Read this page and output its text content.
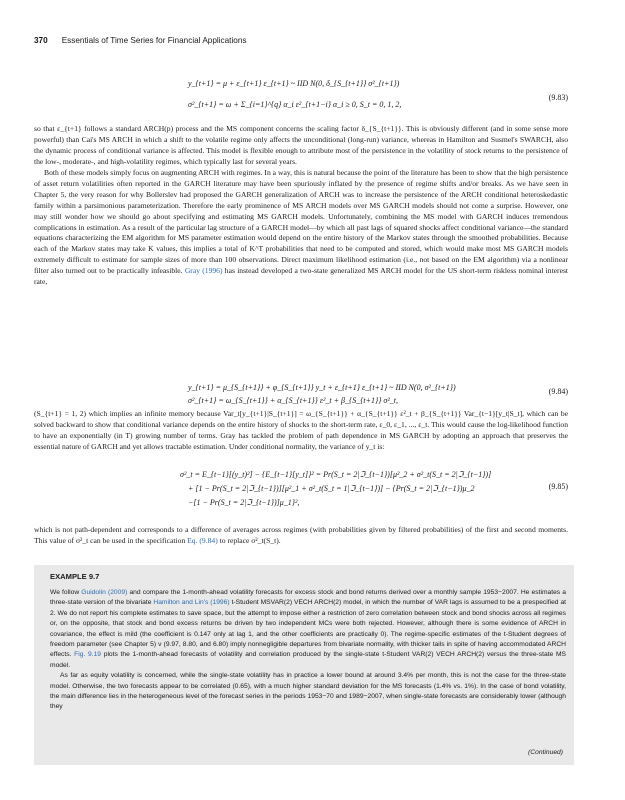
370 Essentials of Time Series for Financial Applications
y_{t+1} = μ + ε_{t+1} ε_{t+1} ~ IID N(0, δ_{S_{t+1}} σ²_{t+1})
σ²_{t+1} = ω + Σ_{i=1}^{q} α_i ε²_{t+1−i} α_i ≥ 0, S_t = 0, 1, 2,
(9.83)

so that ε_{t+1} follows a standard ARCH(p) process and the MS component concerns the scaling factor δ_{S_{t+1}}. This is obviously different (and in some sense more powerful) than Cai's MS ARCH in which a shift to the volatile regime only affects the unconditional (long-run) variance, whereas in Hamilton and Susmel's SWARCH, also the dynamic process of conditional variance is affected. This model is flexible enough to attribute most of the persistence in the volatility of stock returns to the persistence of the low-, moderate-, and high-volatility regimes, which typically last for several years.

Both of these models simply focus on augmenting ARCH with regimes. In a way, this is natural because the point of the literature has been to show that the high persistence of asset return volatilities often reported in the GARCH literature may have been spuriously inflated by the presence of regime shifts and/or breaks. As we have seen in Chapter 5, the very reason for why Bollerslev had proposed the GARCH generalization of ARCH was to increase the persistence of the ARCH conditional heteroskedastic family within a parsimonious parameterization. Therefore the early prominence of MS ARCH models over MS GARCH models should not come a surprise. However, one may still wonder how we should go about specifying and estimating MS GARCH models. Unfortunately, combining the MS model with GARCH induces tremendous complications in estimation. As a result of the particular lag structure of a GARCH model—by which all past lags of squared shocks affect conditional variance—the standard equations characterizing the EM algorithm for MS parameter estimation would depend on the entire history of the Markov states through the smoothed probabilities. Because each of the Markov states may take K values, this implies a total of K^T probabilities that need to be computed and stored, which would make most MS GARCH models extremely difficult to estimate for sample sizes of more than 100 observations. Direct maximum likelihood estimation (i.e., not based on the EM algorithm) via a nonlinear filter also turned out to be practically infeasible. Gray (1996) has instead developed a two-state generalized MS ARCH model for the US short-term riskless nominal interest rate,

y_{t+1} = μ_{S_{t+1}} + φ_{S_{t+1}} y_t + ε_{t+1} ε_{t+1} ~ IID N(0, σ²_{t+1})
σ²_{t+1} = ω_{S_{t+1}} + α_{S_{t+1}} ε²_t + β_{S_{t+1}} σ²_t,
(9.84)

(S_{t+1} = 1, 2) which implies an infinite memory because Var_t[y_{t+1}|S_{t+1}] = ω_{S_{t+1}} + α_{S_{t+1}} ε²_t + β_{S_{t+1}} Var_{t−1}[y_t|S_t], which can be solved backward to show that conditional variance depends on the entire history of shocks to the short-term rate, ε_0, ε_1, ..., ε_t. This would cause the log-likelihood function to have an exponentially (in T) growing number of terms. Gray has tackled the problem of path dependence in MS GARCH by adopting an approach that preserves the essential nature of GARCH and yet allows tractable estimation. Under conditional normality, the variance of y_t is:

σ²_t = E_{t−1}[(y_t)²] − {E_{t−1}[y_t]}² = Pr(S_t = 2|ℑ_{t−1})[μ²_2 + σ²_t(S_t = 2|ℑ_{t−1})]
+ [1 − Pr(S_t = 2|ℑ_{t−1})][μ²_1 + σ²_t(S_t = 1|ℑ_{t−1})] − {Pr(S_t = 2|ℑ_{t−1})μ_2
−[1 − Pr(S_t = 2|ℑ_{t−1})]μ_1}²,
(9.85)

which is not path-dependent and corresponds to a difference of averages across regimes (with probabilities given by filtered probabilities) of the first and second moments. This value of σ²_t can be used in the specification Eq. (9.84) to replace σ²_t(S_t).

EXAMPLE 9.7

We follow Guidolin (2009) and compare the 1-month-ahead volatility forecasts for excess stock and bond returns derived over a monthly sample 1953−2007. He estimates a three-state version of the bivariate Hamilton and Lin's (1996) t-Student MSVAR(2) VECH ARCH(2) model, in which the number of VAR lags is assumed to be a prespecified at 2. We do not report his complete estimates to save space, but the attempt to impose either a restriction of zero correlation between stock and bond shocks across all regimes or, on the opposite, that stock and bond excess returns be driven by two independent MCs were both rejected. However, although there is some evidence of ARCH in covariance, the effect is mild (the coefficient is 0.147 only at lag 1, and the other coefficients are practically 0). The regime-specific estimates of the t-Student degrees of freedom parameter (see Chapter 5) ν (9.97, 8.80, and 6.80) imply nonnegligible departures from bivariate normality, with thicker tails in spite of having accommodated ARCH effects. Fig. 9.19 plots the 1-month-ahead forecasts of volatility and correlation produced by the single-state t-Student VAR(2) VECH ARCH(2) versus the three-state MS model.

As far as equity volatility is concerned, while the single-state volatility has in practice a lower bound at around 3.4% per month, this is not the case for the three-state model. Otherwise, the two forecasts appear to be correlated (0.65), with a much higher standard deviation for the MS forecasts (1.4% vs. 1%). In the case of bond volatility, the main difference lies in the heterogeneous level of the forecast series in the periods 1953−70 and 1989−2007, when single-state forecasts are considerably lower (although they

(Continued)
